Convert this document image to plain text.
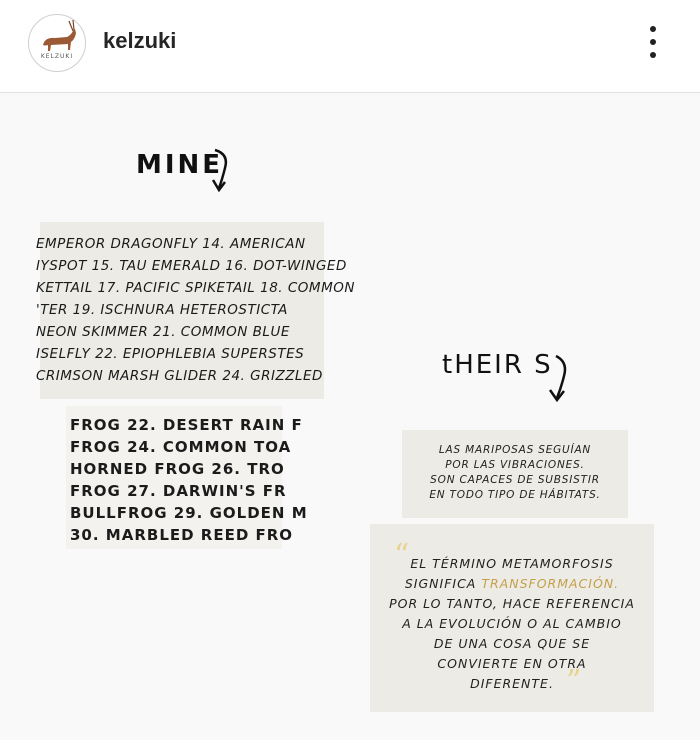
KELZUKI
kelzuki
MINE
tHEIR S
EMPEROR DRAGONFLY 14. AMERICAN
IYSPOT 15. TAU EMERALD 16. DOT-WINGED
KETTAIL 17. PACIFIC SPIKETAIL 18. COMMON
'TER 19. ISCHNURA HETEROSTICTA
NEON SKIMMER 21. COMMON BLUE
ISELFLY 22. EPIOPHLEBIA SUPERSTES
CRIMSON MARSH GLIDER 24. GRIZZLED
FROG 22. DESERT RAIN F
FROG 24. COMMON TOA
HORNED FROG 26. TRO
FROG 27. DARWIN'S FR
BULLFROG 29. GOLDEN M
30. MARBLED REED FRO
LAS MARIPOSAS SEGUÍAN
POR LAS VIBRACIONES.
SON CAPACES DE SUBSISTIR
EN TODO TIPO DE HÁBITATS.
“ EL TÉRMINO METAMORFOSIS
SIGNIFICA TRANSFORMACIÓN.
POR LO TANTO, HACE REFERENCIA
A LA EVOLUCIÓN O AL CAMBIO
DE UNA COSA QUE SE
CONVIERTE EN OTRA
DIFERENTE. ”
